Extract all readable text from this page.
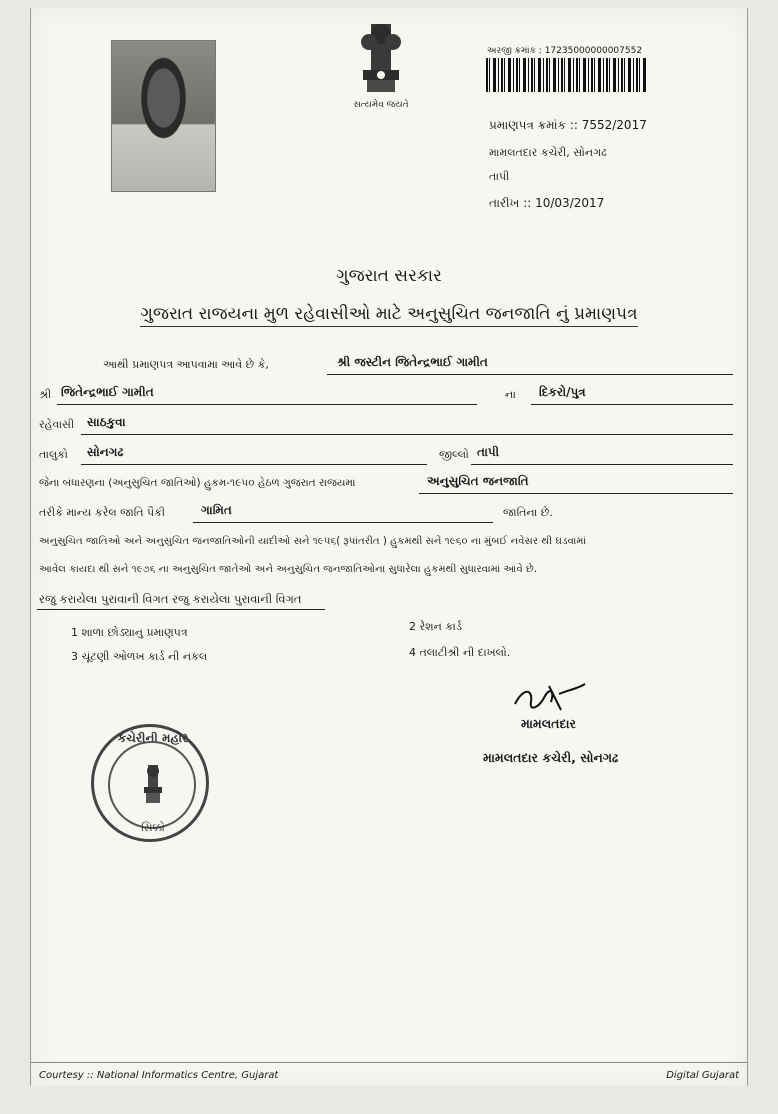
સત્યમેવ જયતે
અરજી ક્રમાંક : 17235000000007552
પ્રમાણપત્ર ક્રમાંક :: 7552/2017
મામલતદાર કચેરી, સોનગઢ
તાપી
તારીખ :: 10/03/2017
ગુજરાત સરકાર
ગુજરાત રાજયના મુળ રહેવાસીઓ માટે અનુસુચિત જનજાતિ નું પ્રમાણપત્ર
આથી પ્રમાણપત્ર આપવામા આવે છે કે,	શ્રી જસ્ટીન જિતેન્દ્રભાઈ ગામીત
શ્રી જિતેન્દ્રભાઈ ગામીત	ના દિકરો/પુત્ર
રહેવાસી સાઠકુવા
તાલુકો સોનગઢ	જીલ્લો તાપી
જેના બંધારણના (અનુસુચિત જાતિઓ) હુકમ-૧૯૫૦ હેઠળ ગુજરાત રાજયમાં	અનુસુચિત જનજાતિ
તરીકે માન્ય કરેલ જાતિ પૈકી	ગામિત	જાતિના છે.
અનુસુચિત જાતિઓ અને અનુસુચિત જનજાતિઓની યાદીઓ સને ૧૯૫૬( રૂપાંતરીત ) હુકમથી સને ૧૯૬૦ ના મુંબઈ નવેસર થી ઘડવામાં
આવેલ કાયદા થી સને ૧૯૭૬ ના અનુસુચિત જાતેઓ અને અનુસુચિત જનજાતિઓના સુધારેલા હુકમથી સુધારવામાં આવે છે.
રજુ કરાયેલા પુરાવાની વિગત રજુ કરાયેલા પુરાવાની વિગત
1 શાળા છોડ્યાનુ પ્રમાણપત્ર	2 રેશન કાર્ડ
3 ચૂંટણી ઓળખ કાર્ડ ની નકલ	4 તલાટીશ્રી ની દાખલો.
મામલતદાર
મામલતદાર કચેરી, સોનગઢ
કચેરીની મહોર
સિક્કો
Courtesy :: National Informatics Centre, Gujarat	Digital Gujarat
